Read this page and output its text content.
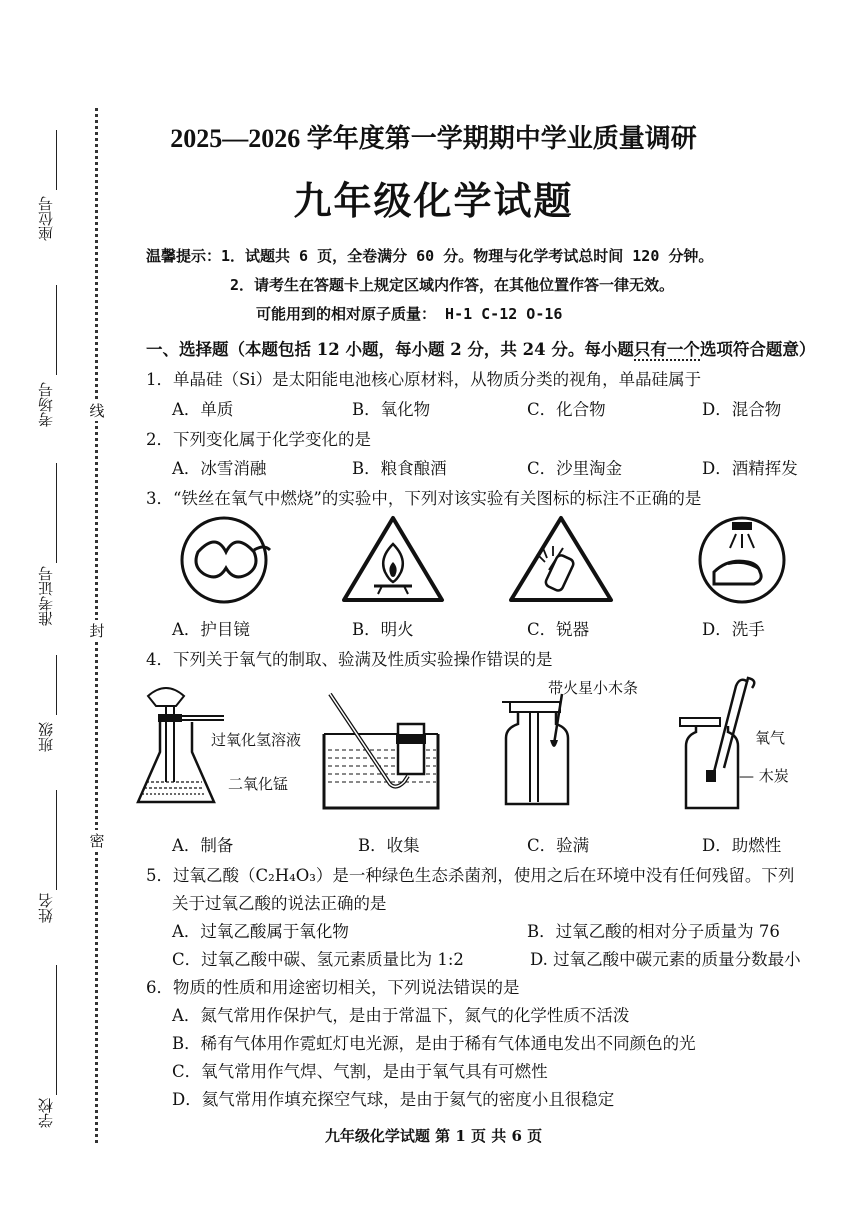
座位号
考场号
准考证号
班级
姓名
学校
线
封
密
2025—2026 学年度第一学期期中学业质量调研
九年级化学试题
温馨提示：1．试题共 6 页，全卷满分 60 分。物理与化学考试总时间 120 分钟。
2．请考生在答题卡上规定区域内作答，在其他位置作答一律无效。
可能用到的相对原子质量： H-1 C-12 O-16
一、选择题（本题包括 12 小题，每小题 2 分，共 24 分。每小题只有一个选项符合题意）
1．单晶硅（Si）是太阳能电池核心原材料，从物质分类的视角，单晶硅属于
A．单质	B．氧化物	C．化合物	D．混合物
2．下列变化属于化学变化的是
A．冰雪消融	B．粮食酿酒	C．沙里淘金	D．酒精挥发
3．“铁丝在氧气中燃烧”的实验中，下列对该实验有关图标的标注不正确的是
A．护目镜	B．明火	C．锐器	D．洗手
4．下列关于氧气的制取、验满及性质实验操作错误的是
过氧化氢溶液
二氧化锰
带火星小木条
氧气
— 木炭
A．制备	B．收集	C．验满	D．助燃性
5．过氧乙酸（C₂H₄O₃）是一种绿色生态杀菌剂，使用之后在环境中没有任何残留。下列
关于过氧乙酸的说法正确的是
A．过氧乙酸属于氧化物	B．过氧乙酸的相对分子质量为 76
C．过氧乙酸中碳、氢元素质量比为 1:2	D. 过氧乙酸中碳元素的质量分数最小
6．物质的性质和用途密切相关，下列说法错误的是
A．氮气常用作保护气，是由于常温下，氮气的化学性质不活泼
B．稀有气体用作霓虹灯电光源，是由于稀有气体通电发出不同颜色的光
C．氧气常用作气焊、气割，是由于氧气具有可燃性
D．氦气常用作填充探空气球，是由于氦气的密度小且很稳定
九年级化学试题 第 1 页 共 6 页
